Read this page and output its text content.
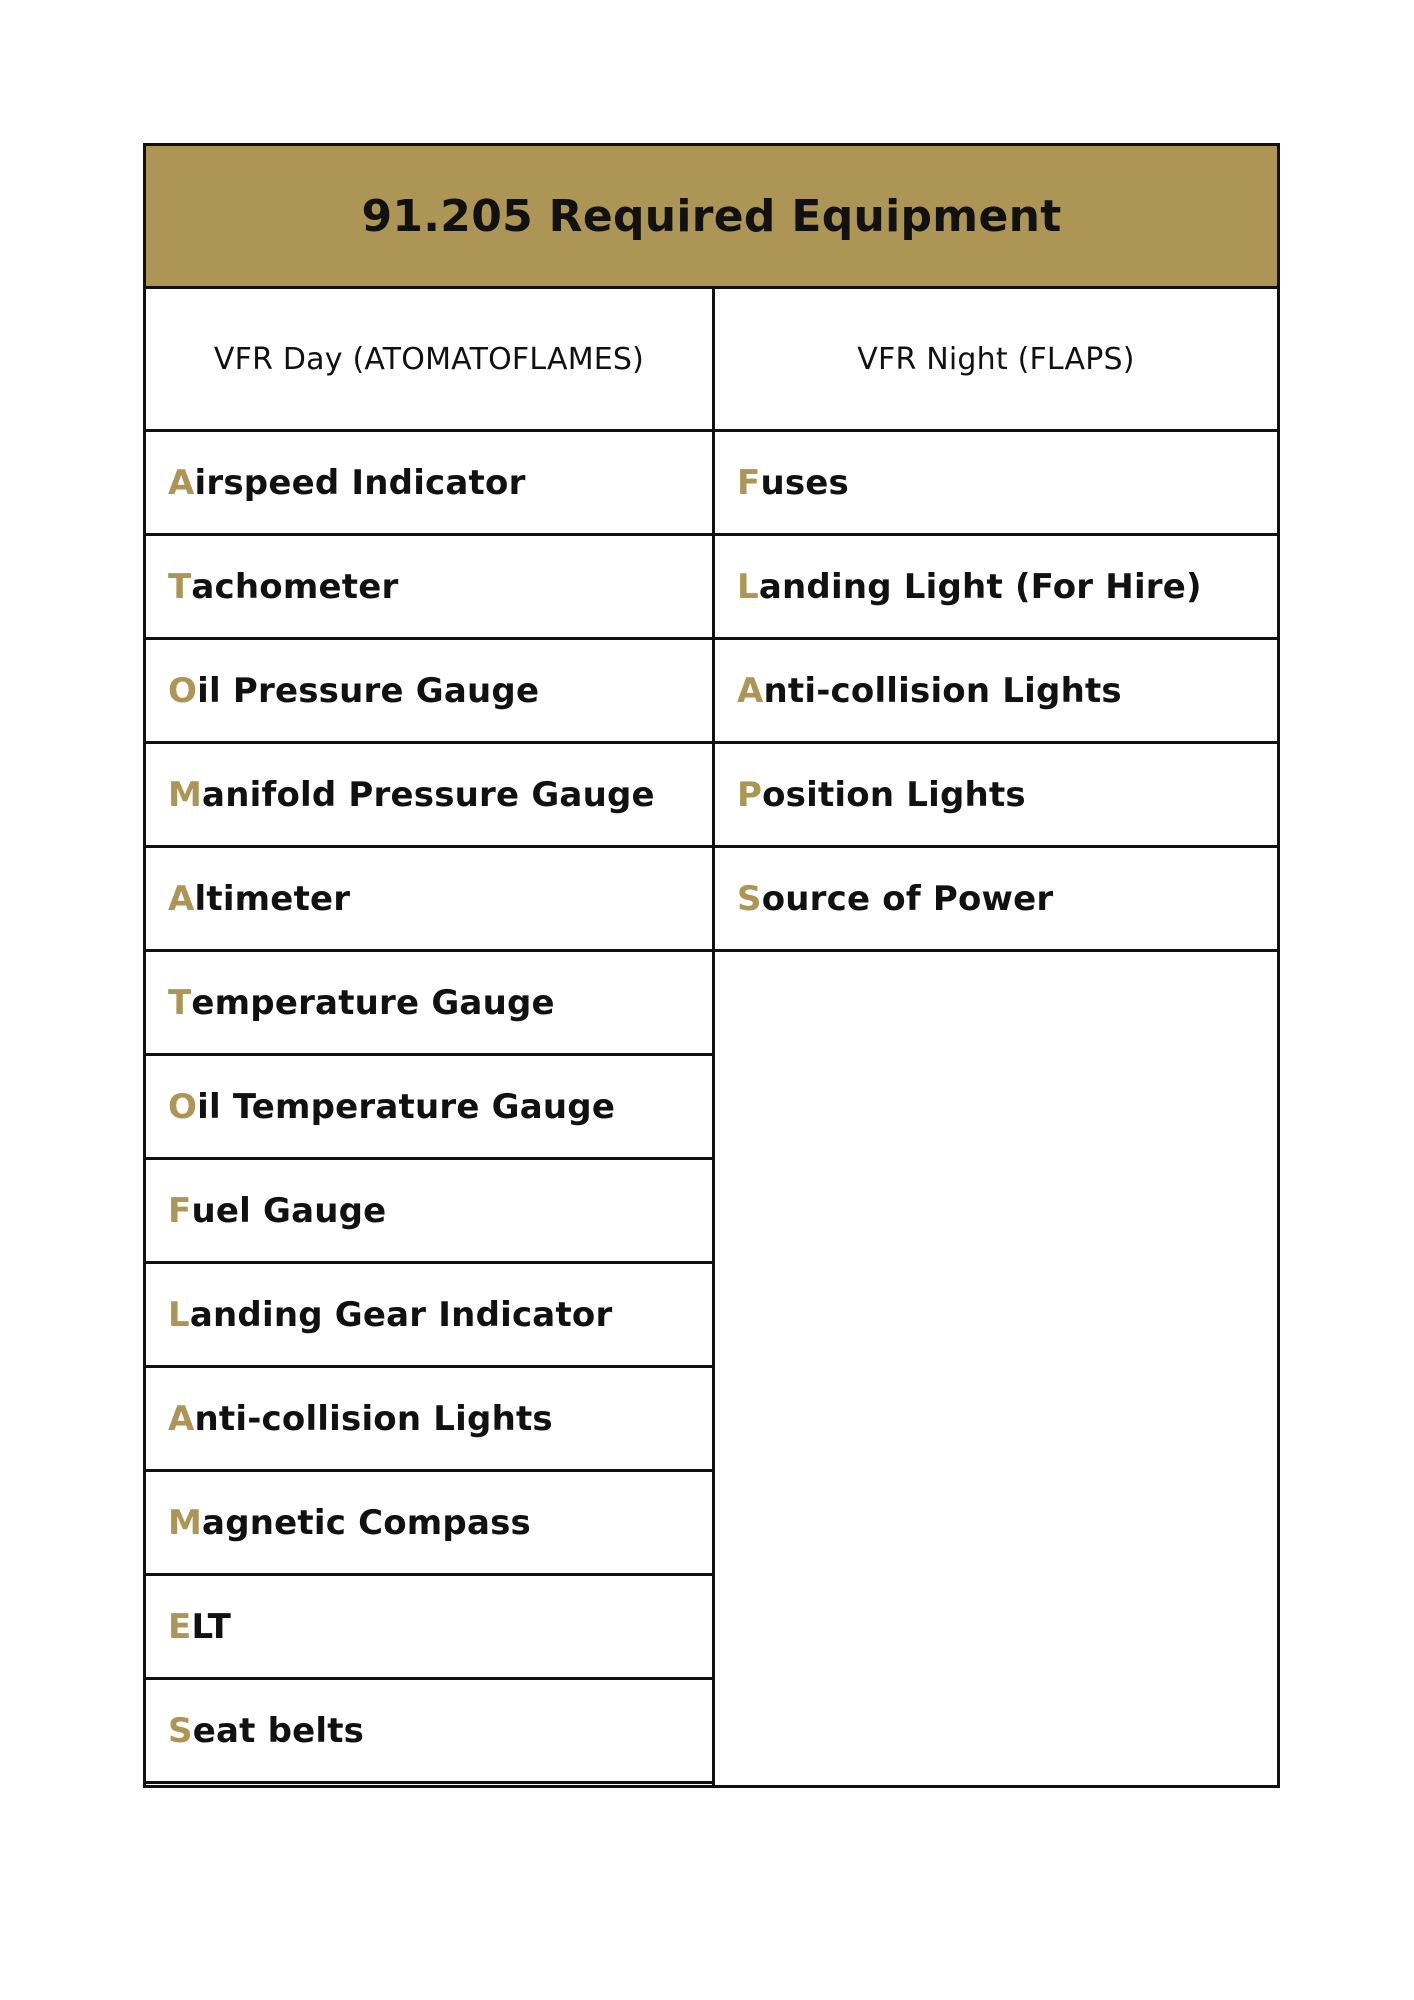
91.205 Required Equipment
VFR Day (ATOMATOFLAMES)
A irspeed Indicator
T achometer
O il Pressure Gauge
M anifold Pressure Gauge
A ltimeter
T emperature Gauge
O il Temperature Gauge
F uel Gauge
L anding Gear Indicator
A nti-collision Lights
M agnetic Compass
E LT
S eat belts
VFR Night (FLAPS)
F uses
L anding Light (For Hire)
A nti-collision Lights
P osition Lights
S ource of Power
